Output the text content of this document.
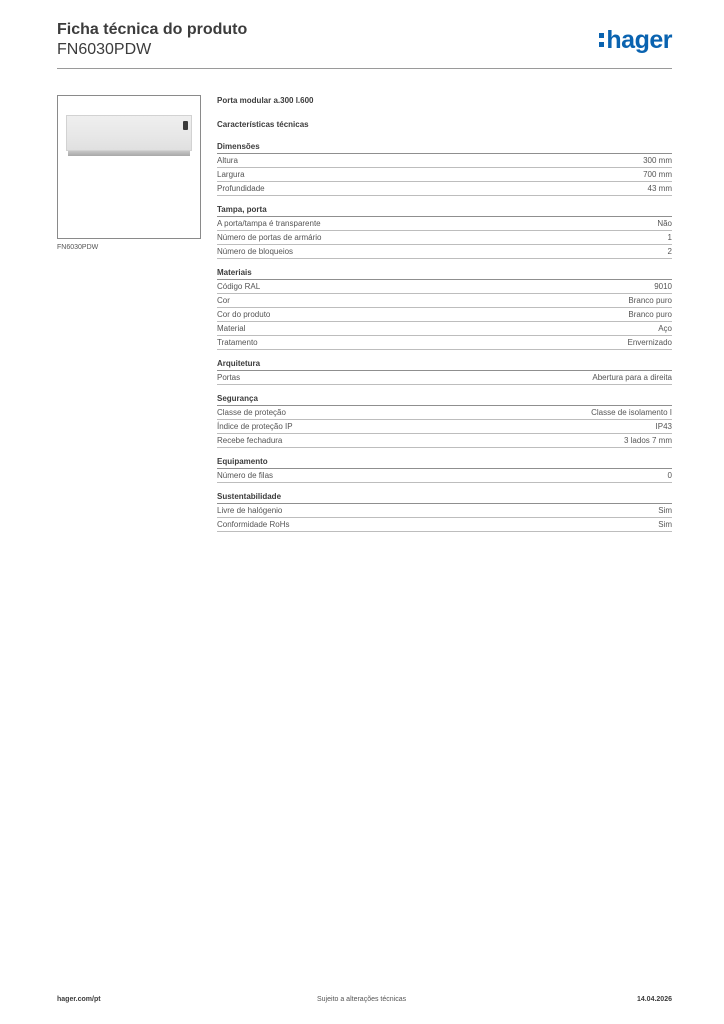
Ficha técnica do produto
FN6030PDW	hager
FN6030PDW
Porta modular a.300 l.600
Características técnicas
Dimensões
Altura	300 mm
Largura	700 mm
Profundidade	43 mm
Tampa, porta
A porta/tampa é transparente	Não
Número de portas de armário	1
Número de bloqueios	2
Materiais
Código RAL	9010
Cor	Branco puro
Cor do produto	Branco puro
Material	Aço
Tratamento	Envernizado
Arquitetura
Portas	Abertura para a direita
Segurança
Classe de proteção	Classe de isolamento I
Índice de proteção IP	IP43
Recebe fechadura	3 lados 7 mm
Equipamento
Número de filas	0
Sustentabilidade
Livre de halógenio	Sim
Conformidade RoHs	Sim
hager.com/pt	Sujeito a alterações técnicas	14.04.2026
